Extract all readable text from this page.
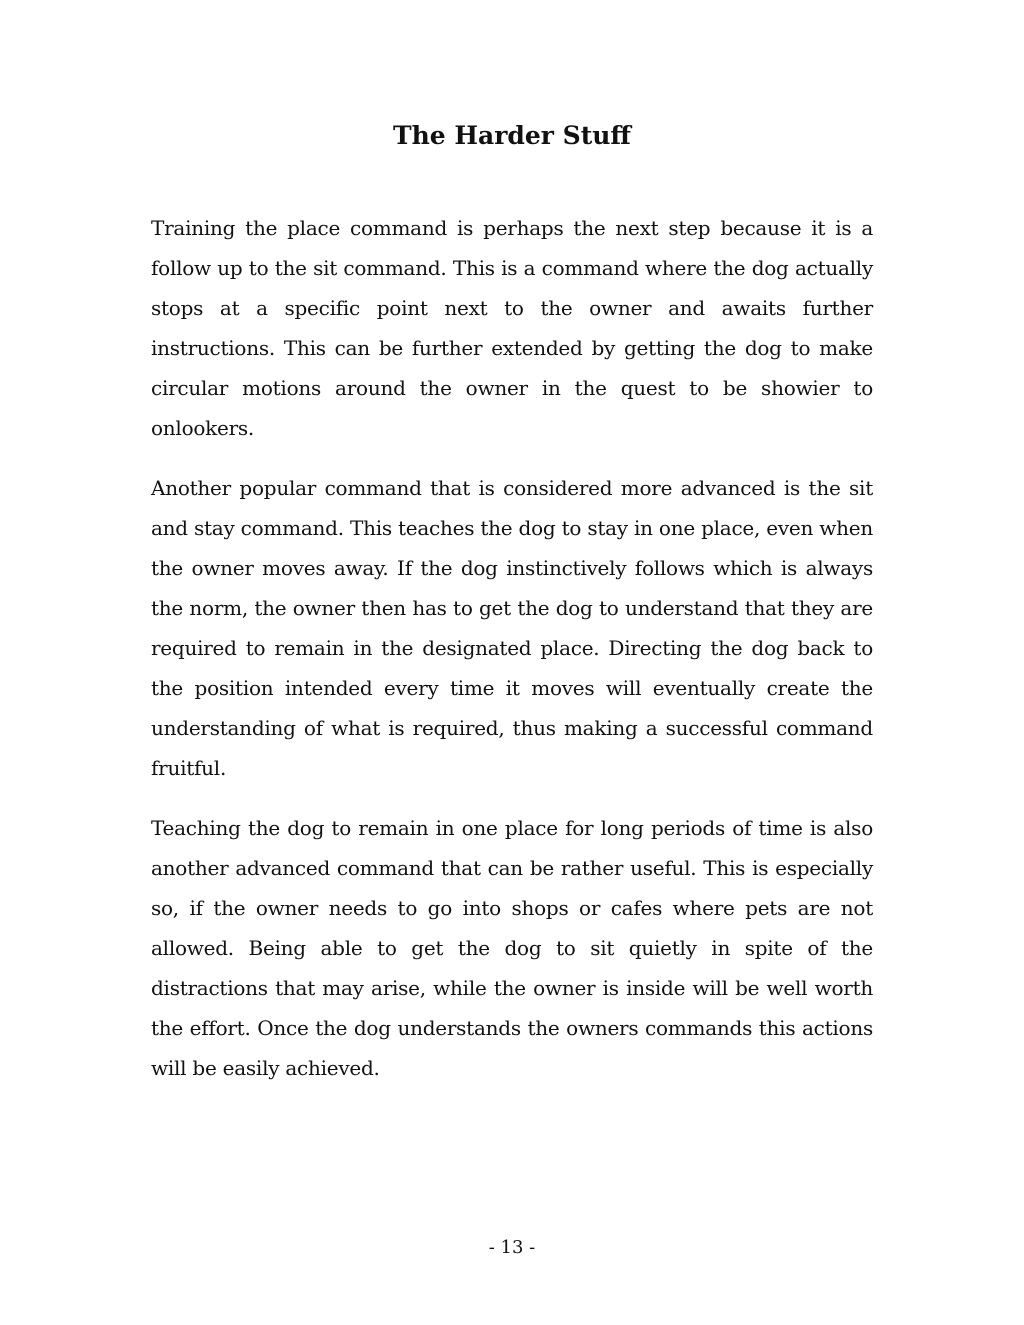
The Harder Stuff

Training the place command is perhaps the next step because it is a follow up to the sit command. This is a command where the dog actually stops at a specific point next to the owner and awaits further instructions. This can be further extended by getting the dog to make circular motions around the owner in the quest to be showier to onlookers.

Another popular command that is considered more advanced is the sit and stay command. This teaches the dog to stay in one place, even when the owner moves away. If the dog instinctively follows which is always the norm, the owner then has to get the dog to understand that they are required to remain in the designated place. Directing the dog back to the position intended every time it moves will eventually create the understanding of what is required, thus making a successful command fruitful.

Teaching the dog to remain in one place for long periods of time is also another advanced command that can be rather useful. This is especially so, if the owner needs to go into shops or cafes where pets are not allowed. Being able to get the dog to sit quietly in spite of the distractions that may arise, while the owner is inside will be well worth the effort. Once the dog understands the owners commands this actions will be easily achieved.

- 13 -
